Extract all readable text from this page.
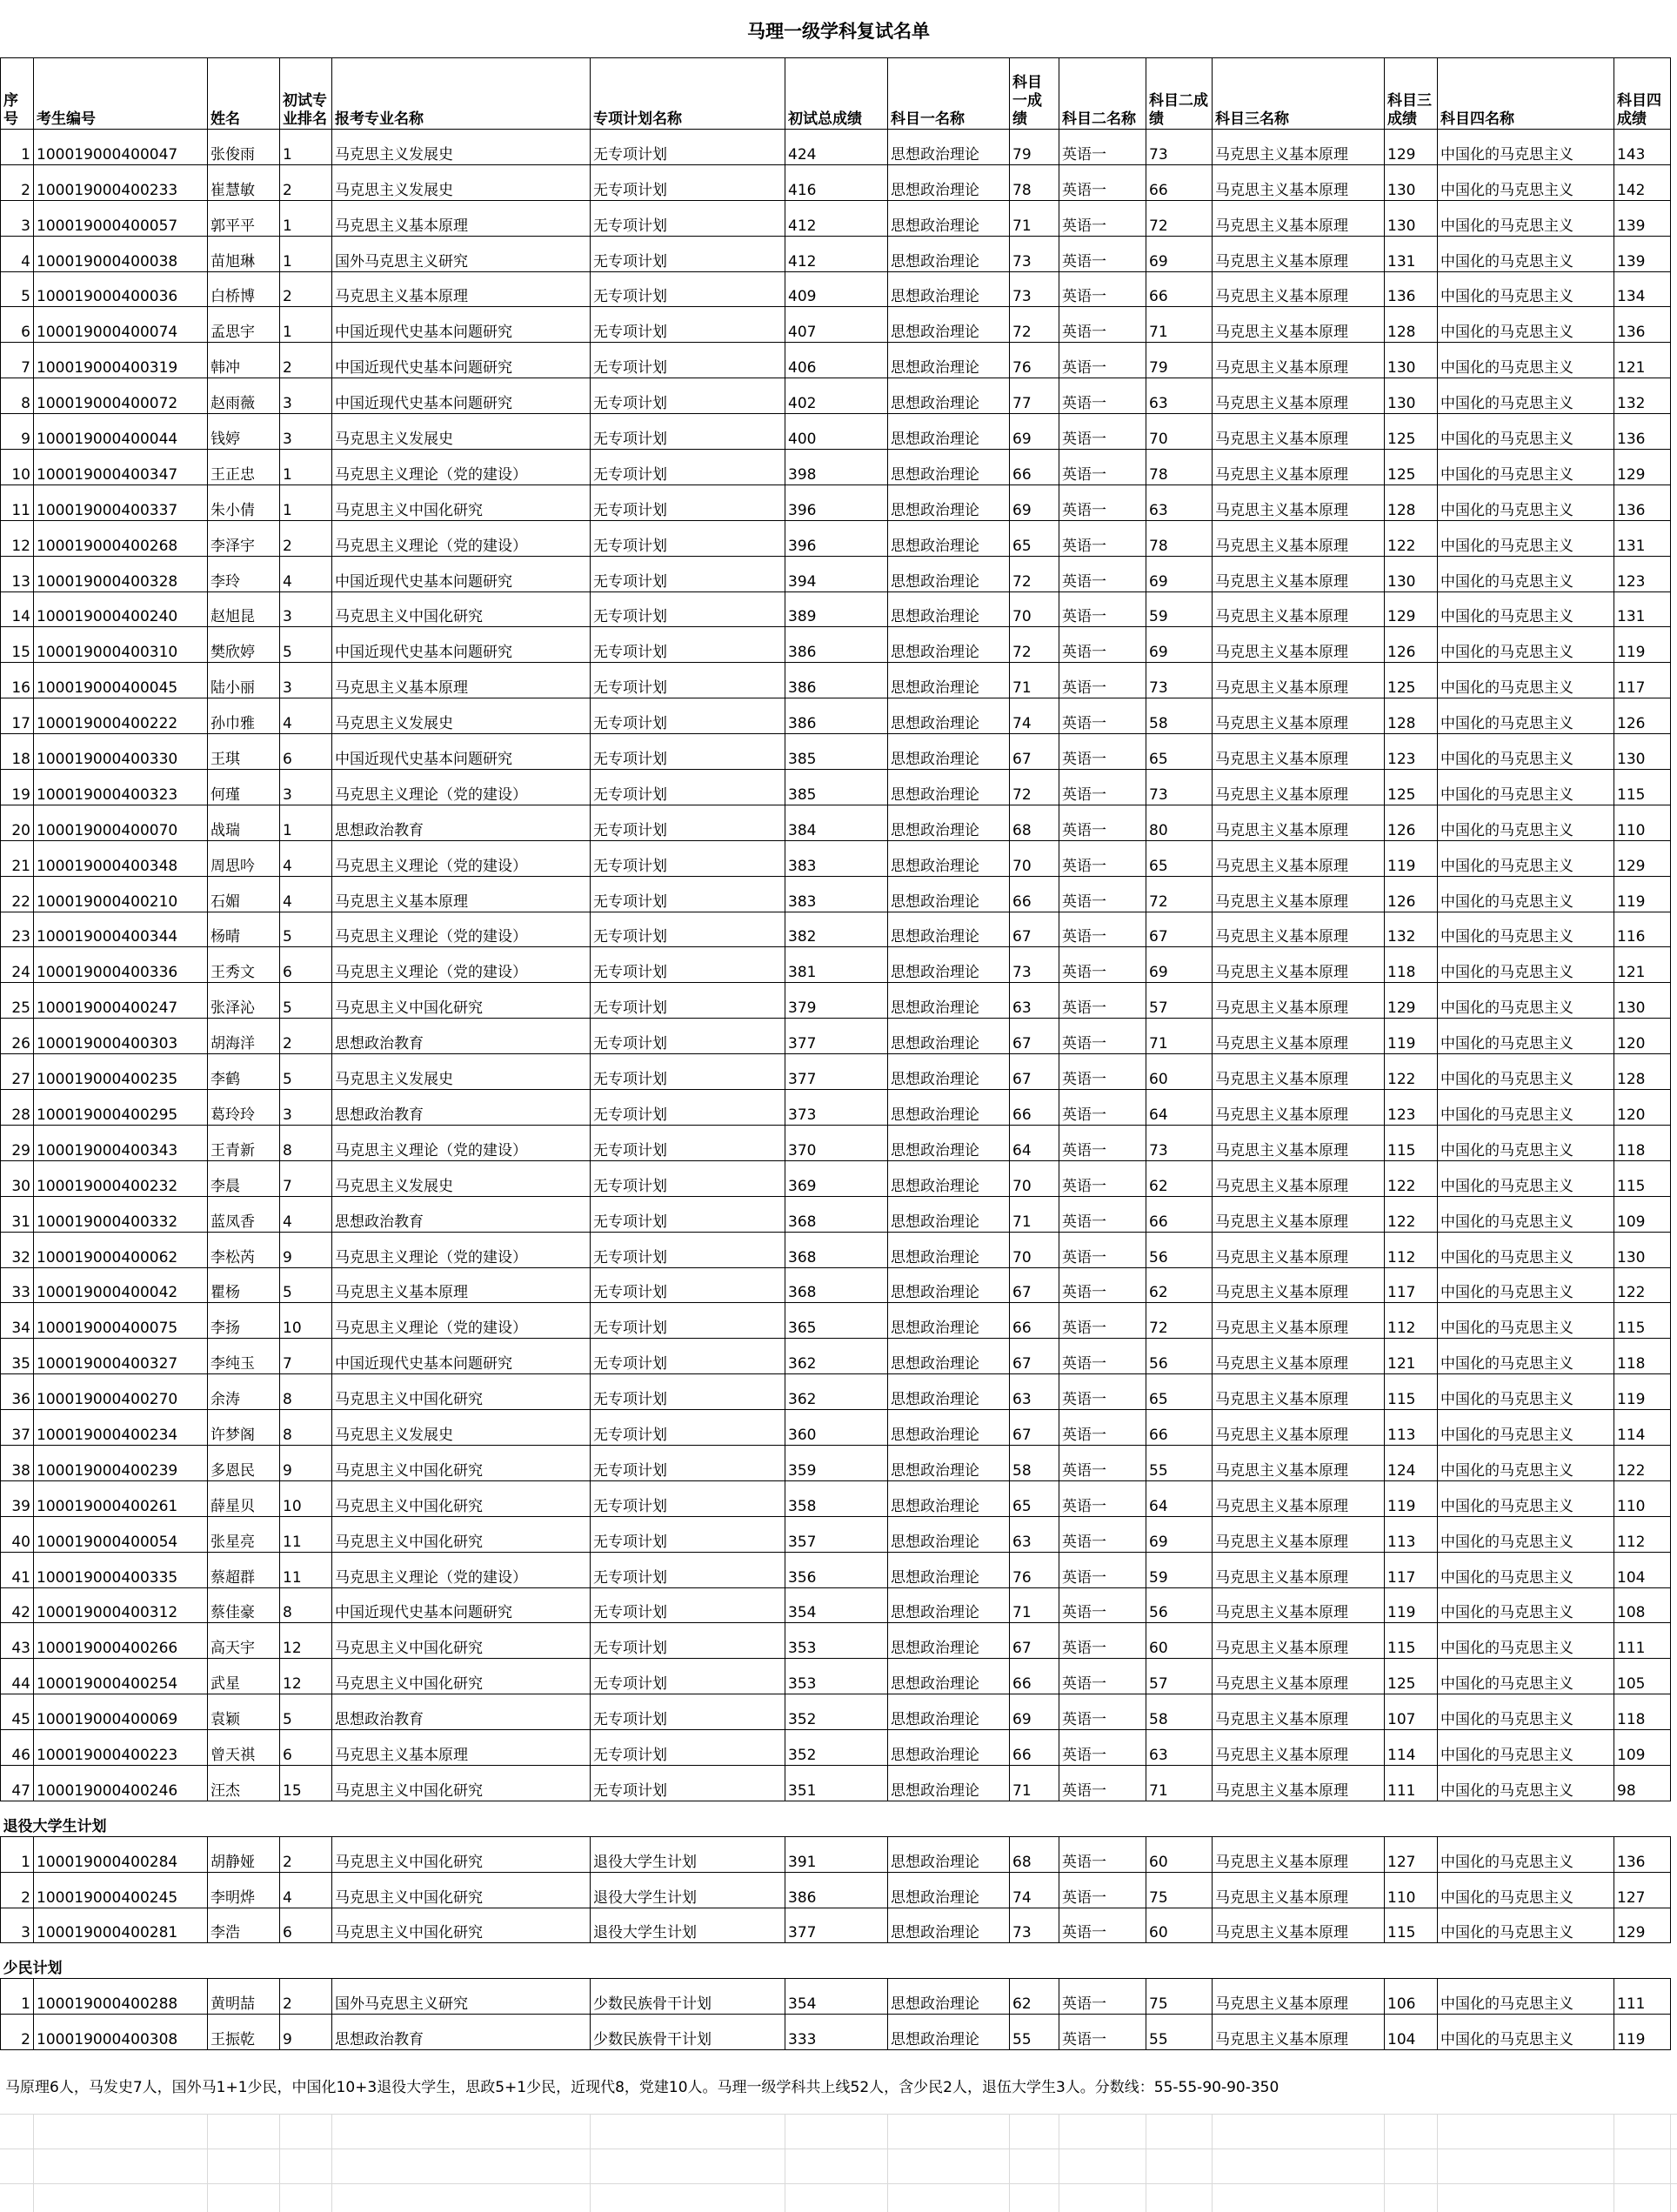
马理一级学科复试名单
序号	考生编号	姓名	初试专业排名	报考专业名称	专项计划名称	初试总成绩	科目一名称	科目一成绩	科目二名称	科目二成绩	科目三名称	科目三成绩	科目四名称	科目四成绩
1	100019000400047	张俊雨	1	马克思主义发展史	无专项计划	424	思想政治理论	79	英语一	73	马克思主义基本原理	129	中国化的马克思主义	143
2	100019000400233	崔慧敏	2	马克思主义发展史	无专项计划	416	思想政治理论	78	英语一	66	马克思主义基本原理	130	中国化的马克思主义	142
3	100019000400057	郭平平	1	马克思主义基本原理	无专项计划	412	思想政治理论	71	英语一	72	马克思主义基本原理	130	中国化的马克思主义	139
4	100019000400038	苗旭琳	1	国外马克思主义研究	无专项计划	412	思想政治理论	73	英语一	69	马克思主义基本原理	131	中国化的马克思主义	139
5	100019000400036	白桥博	2	马克思主义基本原理	无专项计划	409	思想政治理论	73	英语一	66	马克思主义基本原理	136	中国化的马克思主义	134
6	100019000400074	孟思宇	1	中国近现代史基本问题研究	无专项计划	407	思想政治理论	72	英语一	71	马克思主义基本原理	128	中国化的马克思主义	136
7	100019000400319	韩冲	2	中国近现代史基本问题研究	无专项计划	406	思想政治理论	76	英语一	79	马克思主义基本原理	130	中国化的马克思主义	121
8	100019000400072	赵雨薇	3	中国近现代史基本问题研究	无专项计划	402	思想政治理论	77	英语一	63	马克思主义基本原理	130	中国化的马克思主义	132
9	100019000400044	钱婷	3	马克思主义发展史	无专项计划	400	思想政治理论	69	英语一	70	马克思主义基本原理	125	中国化的马克思主义	136
10	100019000400347	王正忠	1	马克思主义理论（党的建设）	无专项计划	398	思想政治理论	66	英语一	78	马克思主义基本原理	125	中国化的马克思主义	129
11	100019000400337	朱小倩	1	马克思主义中国化研究	无专项计划	396	思想政治理论	69	英语一	63	马克思主义基本原理	128	中国化的马克思主义	136
12	100019000400268	李泽宇	2	马克思主义理论（党的建设）	无专项计划	396	思想政治理论	65	英语一	78	马克思主义基本原理	122	中国化的马克思主义	131
13	100019000400328	李玲	4	中国近现代史基本问题研究	无专项计划	394	思想政治理论	72	英语一	69	马克思主义基本原理	130	中国化的马克思主义	123
14	100019000400240	赵旭昆	3	马克思主义中国化研究	无专项计划	389	思想政治理论	70	英语一	59	马克思主义基本原理	129	中国化的马克思主义	131
15	100019000400310	樊欣婷	5	中国近现代史基本问题研究	无专项计划	386	思想政治理论	72	英语一	69	马克思主义基本原理	126	中国化的马克思主义	119
16	100019000400045	陆小丽	3	马克思主义基本原理	无专项计划	386	思想政治理论	71	英语一	73	马克思主义基本原理	125	中国化的马克思主义	117
17	100019000400222	孙巾雅	4	马克思主义发展史	无专项计划	386	思想政治理论	74	英语一	58	马克思主义基本原理	128	中国化的马克思主义	126
18	100019000400330	王琪	6	中国近现代史基本问题研究	无专项计划	385	思想政治理论	67	英语一	65	马克思主义基本原理	123	中国化的马克思主义	130
19	100019000400323	何瑾	3	马克思主义理论（党的建设）	无专项计划	385	思想政治理论	72	英语一	73	马克思主义基本原理	125	中国化的马克思主义	115
20	100019000400070	战瑞	1	思想政治教育	无专项计划	384	思想政治理论	68	英语一	80	马克思主义基本原理	126	中国化的马克思主义	110
21	100019000400348	周思吟	4	马克思主义理论（党的建设）	无专项计划	383	思想政治理论	70	英语一	65	马克思主义基本原理	119	中国化的马克思主义	129
22	100019000400210	石媚	4	马克思主义基本原理	无专项计划	383	思想政治理论	66	英语一	72	马克思主义基本原理	126	中国化的马克思主义	119
23	100019000400344	杨晴	5	马克思主义理论（党的建设）	无专项计划	382	思想政治理论	67	英语一	67	马克思主义基本原理	132	中国化的马克思主义	116
24	100019000400336	王秀文	6	马克思主义理论（党的建设）	无专项计划	381	思想政治理论	73	英语一	69	马克思主义基本原理	118	中国化的马克思主义	121
25	100019000400247	张泽沁	5	马克思主义中国化研究	无专项计划	379	思想政治理论	63	英语一	57	马克思主义基本原理	129	中国化的马克思主义	130
26	100019000400303	胡海洋	2	思想政治教育	无专项计划	377	思想政治理论	67	英语一	71	马克思主义基本原理	119	中国化的马克思主义	120
27	100019000400235	李鹤	5	马克思主义发展史	无专项计划	377	思想政治理论	67	英语一	60	马克思主义基本原理	122	中国化的马克思主义	128
28	100019000400295	葛玲玲	3	思想政治教育	无专项计划	373	思想政治理论	66	英语一	64	马克思主义基本原理	123	中国化的马克思主义	120
29	100019000400343	王青新	8	马克思主义理论（党的建设）	无专项计划	370	思想政治理论	64	英语一	73	马克思主义基本原理	115	中国化的马克思主义	118
30	100019000400232	李晨	7	马克思主义发展史	无专项计划	369	思想政治理论	70	英语一	62	马克思主义基本原理	122	中国化的马克思主义	115
31	100019000400332	蓝凤香	4	思想政治教育	无专项计划	368	思想政治理论	71	英语一	66	马克思主义基本原理	122	中国化的马克思主义	109
32	100019000400062	李松芮	9	马克思主义理论（党的建设）	无专项计划	368	思想政治理论	70	英语一	56	马克思主义基本原理	112	中国化的马克思主义	130
33	100019000400042	瞿杨	5	马克思主义基本原理	无专项计划	368	思想政治理论	67	英语一	62	马克思主义基本原理	117	中国化的马克思主义	122
34	100019000400075	李扬	10	马克思主义理论（党的建设）	无专项计划	365	思想政治理论	66	英语一	72	马克思主义基本原理	112	中国化的马克思主义	115
35	100019000400327	李纯玉	7	中国近现代史基本问题研究	无专项计划	362	思想政治理论	67	英语一	56	马克思主义基本原理	121	中国化的马克思主义	118
36	100019000400270	余涛	8	马克思主义中国化研究	无专项计划	362	思想政治理论	63	英语一	65	马克思主义基本原理	115	中国化的马克思主义	119
37	100019000400234	许梦阁	8	马克思主义发展史	无专项计划	360	思想政治理论	67	英语一	66	马克思主义基本原理	113	中国化的马克思主义	114
38	100019000400239	多恩民	9	马克思主义中国化研究	无专项计划	359	思想政治理论	58	英语一	55	马克思主义基本原理	124	中国化的马克思主义	122
39	100019000400261	薛星贝	10	马克思主义中国化研究	无专项计划	358	思想政治理论	65	英语一	64	马克思主义基本原理	119	中国化的马克思主义	110
40	100019000400054	张星亮	11	马克思主义中国化研究	无专项计划	357	思想政治理论	63	英语一	69	马克思主义基本原理	113	中国化的马克思主义	112
41	100019000400335	蔡超群	11	马克思主义理论（党的建设）	无专项计划	356	思想政治理论	76	英语一	59	马克思主义基本原理	117	中国化的马克思主义	104
42	100019000400312	蔡佳豪	8	中国近现代史基本问题研究	无专项计划	354	思想政治理论	71	英语一	56	马克思主义基本原理	119	中国化的马克思主义	108
43	100019000400266	高天宇	12	马克思主义中国化研究	无专项计划	353	思想政治理论	67	英语一	60	马克思主义基本原理	115	中国化的马克思主义	111
44	100019000400254	武星	12	马克思主义中国化研究	无专项计划	353	思想政治理论	66	英语一	57	马克思主义基本原理	125	中国化的马克思主义	105
45	100019000400069	袁颖	5	思想政治教育	无专项计划	352	思想政治理论	69	英语一	58	马克思主义基本原理	107	中国化的马克思主义	118
46	100019000400223	曾天祺	6	马克思主义基本原理	无专项计划	352	思想政治理论	66	英语一	63	马克思主义基本原理	114	中国化的马克思主义	109
47	100019000400246	汪杰	15	马克思主义中国化研究	无专项计划	351	思想政治理论	71	英语一	71	马克思主义基本原理	111	中国化的马克思主义	98
退役大学生计划														
1	100019000400284	胡静娅	2	马克思主义中国化研究	退役大学生计划	391	思想政治理论	68	英语一	60	马克思主义基本原理	127	中国化的马克思主义	136
2	100019000400245	李明烨	4	马克思主义中国化研究	退役大学生计划	386	思想政治理论	74	英语一	75	马克思主义基本原理	110	中国化的马克思主义	127
3	100019000400281	李浩	6	马克思主义中国化研究	退役大学生计划	377	思想政治理论	73	英语一	60	马克思主义基本原理	115	中国化的马克思主义	129
少民计划														
1	100019000400288	黄明喆	2	国外马克思主义研究	少数民族骨干计划	354	思想政治理论	62	英语一	75	马克思主义基本原理	106	中国化的马克思主义	111
2	100019000400308	王振乾	9	思想政治教育	少数民族骨干计划	333	思想政治理论	55	英语一	55	马克思主义基本原理	104	中国化的马克思主义	119
马原理6人，马发史7人，国外马1+1少民，中国化10+3退役大学生，思政5+1少民，近现代8，党建10人。马理一级学科共上线52人，含少民2人，退伍大学生3人。分数线：55-55-90-90-350
